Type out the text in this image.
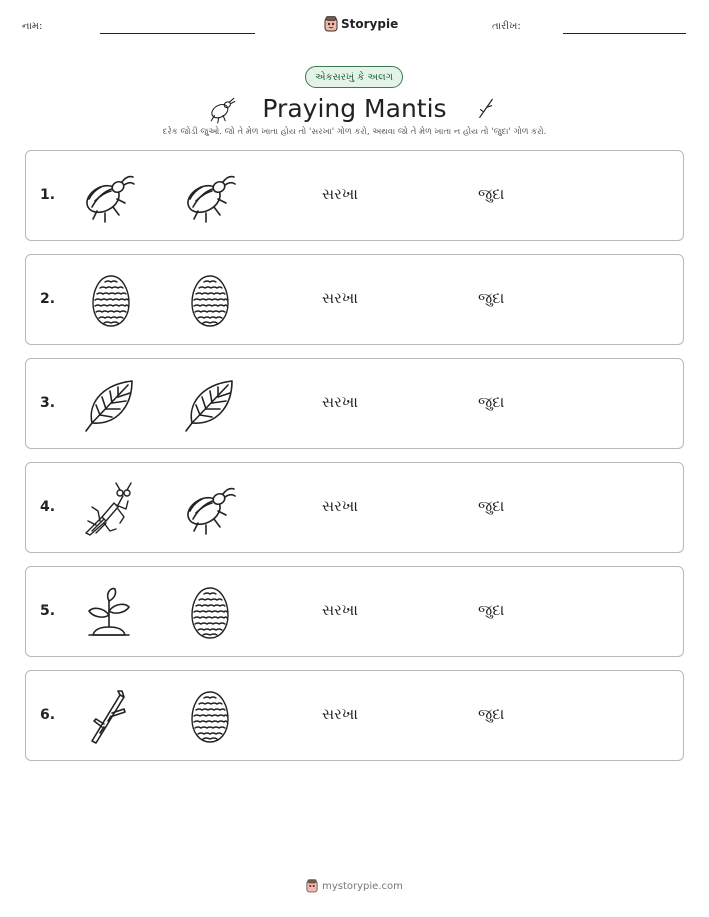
નામ:	Storypie	તારીખ:
એકસરખું કે અલગ
Praying Mantis
દરેક જોડી જુઓ. જો તે મેળ ખાતા હોય તો 'સરખા' ગોળ કરો, અથવા જો તે મેળ ખાતા ન હોય તો 'જુદા' ગોળ કરો.
1.	સરખા	જુદા
2.	સરખા	જુદા
3.	સરખા	જુદા
4.	સરખા	જુદા
5.	સરખા	જુદા
6.	સરખા	જુદા
mystorypie.com
